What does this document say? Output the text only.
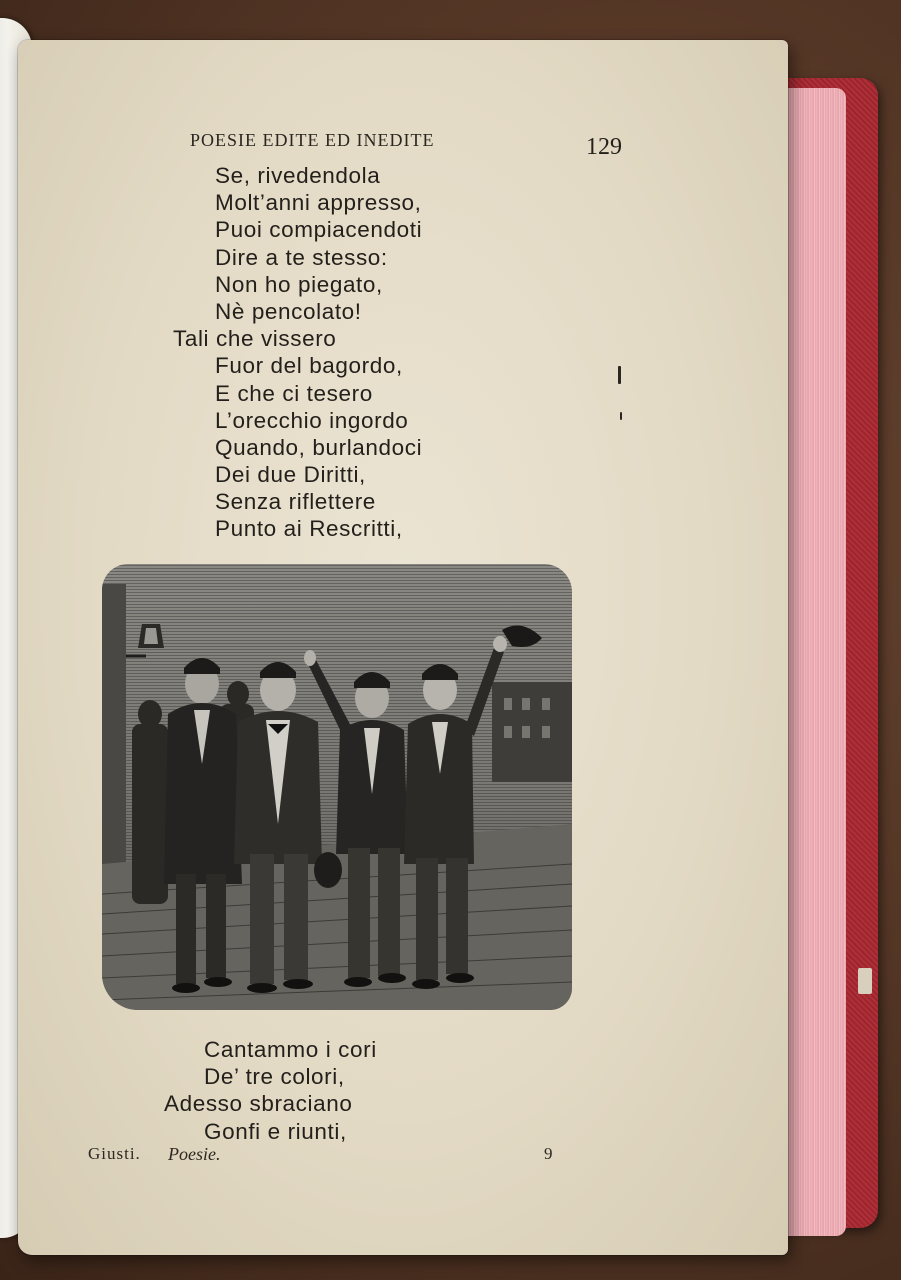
POESIE EDITE ED INEDITE	129
Se, rivedendola
Molt’anni appresso,
Puoi compiacendoti
Dire a te stesso:
Non ho piegato,
Nè pencolato!
Tali che vissero
Fuor del bagordo,
E che ci tesero
L’orecchio ingordo
Quando, burlandoci
Dei due Diritti,
Senza riflettere
Punto ai Rescritti,
Cantammo i cori
De’ tre colori,
Adesso sbraciano
Gonfi e riunti,
Giusti. Poesie.	9
